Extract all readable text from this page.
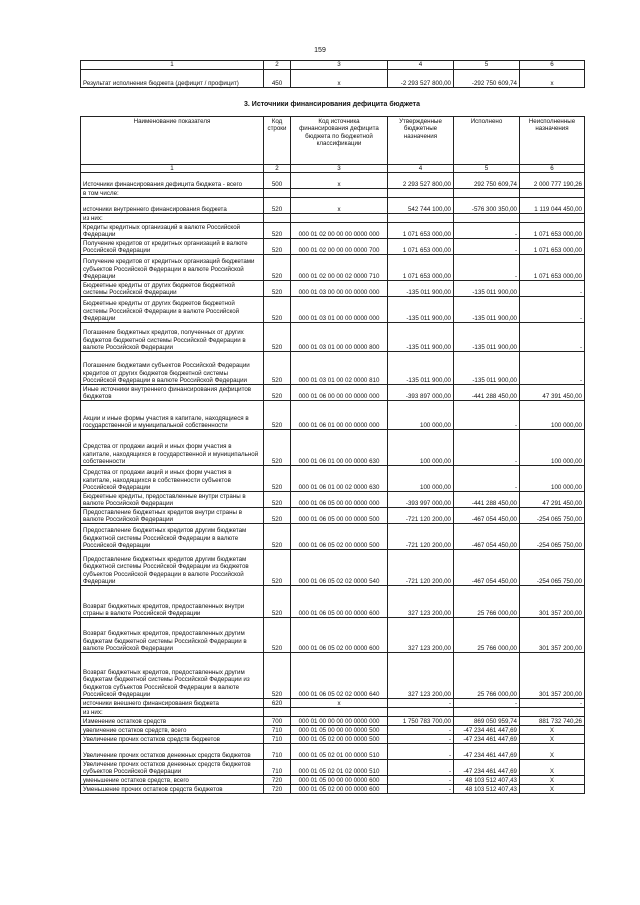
159
1	2	3	4	5	6
Результат исполнения бюджета (дефицит / профицит)	450	x	-2 293 527 800,00	-292 750 609,74	x
3. Источники финансирования дефицита бюджета
Наименование показателя	Код строки	Код источника финансирования дефицита бюджета по бюджетной классификации	Утвержденные бюджетные назначения	Исполнено	Неисполненные назначения
1	2	3	4	5	6
Источники финансирования дефицита бюджета - всего	500	x	2 293 527 800,00	292 750 609,74	2 000 777 190,26
в том числе:					
источники внутреннего финансирования бюджета	520	x	542 744 100,00	-576 300 350,00	1 119 044 450,00
из них:					
Кредиты кредитных организаций в валюте Российской Федерации	520	000 01 02 00 00 00 0000 000	1 071 653 000,00	-	1 071 653 000,00
Получение кредитов от кредитных организаций в валюте Российской Федерации	520	000 01 02 00 00 00 0000 700	1 071 653 000,00	-	1 071 653 000,00
Получение кредитов от кредитных организаций бюджетами субъектов Российской Федерации в валюте Российской Федерации	520	000 01 02 00 00 02 0000 710	1 071 653 000,00	-	1 071 653 000,00
Бюджетные кредиты от других бюджетов бюджетной системы Российской Федерации	520	000 01 03 00 00 00 0000 000	-135 011 900,00	-135 011 900,00	-
Бюджетные кредиты от других бюджетов бюджетной системы Российской Федерации в валюте Российской Федерации	520	000 01 03 01 00 00 0000 000	-135 011 900,00	-135 011 900,00	-
Погашение бюджетных кредитов, полученных от других бюджетов бюджетной системы Российской Федерации в валюте Российской Федерации	520	000 01 03 01 00 00 0000 800	-135 011 900,00	-135 011 900,00	-
Погашение бюджетами субъектов Российской Федерации кредитов от других бюджетов бюджетной системы Российской Федерации в валюте Российской Федерации	520	000 01 03 01 00 02 0000 810	-135 011 900,00	-135 011 900,00	-
Иные источники внутреннего финансирования дефицитов бюджетов	520	000 01 06 00 00 00 0000 000	-393 897 000,00	-441 288 450,00	47 391 450,00
Акции и иные формы участия в капитале, находящиеся в государственной и муниципальной собственности	520	000 01 06 01 00 00 0000 000	100 000,00	-	100 000,00
Средства от продажи акций и иных форм участия в капитале, находящихся в государственной и муниципальной собственности	520	000 01 06 01 00 00 0000 630	100 000,00	-	100 000,00
Средства от продажи акций и иных форм участия в капитале, находящихся в собственности субъектов Российской Федерации	520	000 01 06 01 00 02 0000 630	100 000,00	-	100 000,00
Бюджетные кредиты, предоставленные внутри страны в валюте Российской Федерации	520	000 01 06 05 00 00 0000 000	-393 997 000,00	-441 288 450,00	47 291 450,00
Предоставление бюджетных кредитов внутри страны в валюте Российской Федерации	520	000 01 06 05 00 00 0000 500	-721 120 200,00	-467 054 450,00	-254 065 750,00
Предоставление бюджетных кредитов другим бюджетам бюджетной системы Российской Федерации в валюте Российской Федерации	520	000 01 06 05 02 00 0000 500	-721 120 200,00	-467 054 450,00	-254 065 750,00
Предоставление бюджетных кредитов другим бюджетам бюджетной системы Российской Федерации из бюджетов субъектов Российской Федерации в валюте Российской Федерации	520	000 01 06 05 02 02 0000 540	-721 120 200,00	-467 054 450,00	-254 065 750,00
Возврат бюджетных кредитов, предоставленных внутри страны в валюте Российской Федерации	520	000 01 06 05 00 00 0000 600	327 123 200,00	25 766 000,00	301 357 200,00
Возврат бюджетных кредитов, предоставленных другим бюджетам бюджетной системы Российской Федерации в валюте Российской Федерации	520	000 01 06 05 02 00 0000 600	327 123 200,00	25 766 000,00	301 357 200,00
Возврат бюджетных кредитов, предоставленных другим бюджетам бюджетной системы Российской Федерации из бюджетов субъектов Российской Федерации в валюте Российской Федерации	520	000 01 06 05 02 02 0000 640	327 123 200,00	25 766 000,00	301 357 200,00
источники внешнего финансирования бюджета	620	x	-	-	-
из них:					
Изменение остатков средств	700	000 01 00 00 00 00 0000 000	1 750 783 700,00	869 050 959,74	881 732 740,26
увеличение остатков средств, всего	710	000 01 05 00 00 00 0000 500	-	-47 234 461 447,69	X
Увеличение прочих остатков средств бюджетов	710	000 01 05 02 00 00 0000 500	-	-47 234 461 447,69	X
Увеличение прочих остатков денежных средств бюджетов	710	000 01 05 02 01 00 0000 510	-	-47 234 461 447,69	X
Увеличение прочих остатков денежных средств бюджетов субъектов Российской Федерации	710	000 01 05 02 01 02 0000 510	-	-47 234 461 447,69	X
уменьшение остатков средств, всего	720	000 01 05 00 00 00 0000 600	-	48 103 512 407,43	X
Уменьшение прочих остатков средств бюджетов	720	000 01 05 02 00 00 0000 600	-	48 103 512 407,43	X
